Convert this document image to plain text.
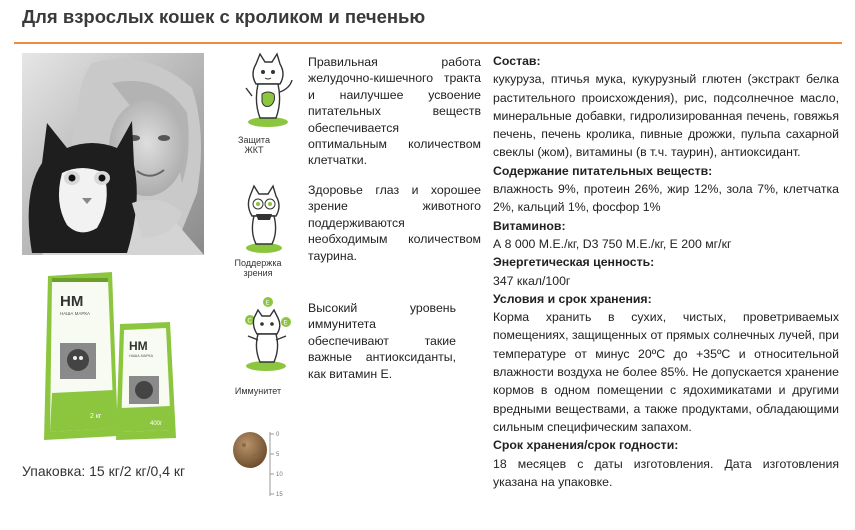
Для взрослых кошек с кроликом и печенью
HM
НАША МАРКА
2 кг
HM
НАША МАРКА
400г
Упаковка: 15 кг/2 кг/0,4 кг
0
5
10
15
Защита ЖКТ
Правильная работа желудочно-кишечного тракта и наилучшее усвоение питательных веществ обеспечивается оптимальным количеством клетчатки.
Поддержка зрения
Здоровье глаз и хорошее зрение животного поддерживаются необходимым количеством таурина.
E
C	E
Иммунитет
Высокий уровень иммунитета обеспечивают такие важные антиоксиданты, как витамин E.
Состав:

кукуруза, птичья мука, кукурузный глютен (экстракт белка растительного происхождения), рис, подсолнечное масло, минеральные добавки, гидролизированная печень, говяжья печень, печень кролика, пивные дрожжи, пульпа сахарной свеклы (жом), витамины (в т.ч. таурин), антиоксидант.

Содержание питательных веществ:

влажность 9%, протеин 26%, жир 12%, зола 7%, клетчатка 2%, кальций 1%, фосфор 1%

Витаминов:

А 8 000 М.Е./кг, D3 750 М.Е./кг, Е 200 мг/кг

Энергетическая ценность:

347 ккал/100г

Условия и срок хранения:

Корма хранить в сухих, чистых, проветриваемых помещениях, защищенных от прямых солнечных лучей, при температуре от минус 20ºС до +35ºС и относительной влажности воздуха не более 85%. Не допускается хранение кормов в одном помещении с ядохимикатами и другими вредными веществами, а также продуктами, обладающими сильным специфическим запахом.

Срок хранения/срок годности:

18 месяцев с даты изготовления. Дата изготовления указана на упаковке.
